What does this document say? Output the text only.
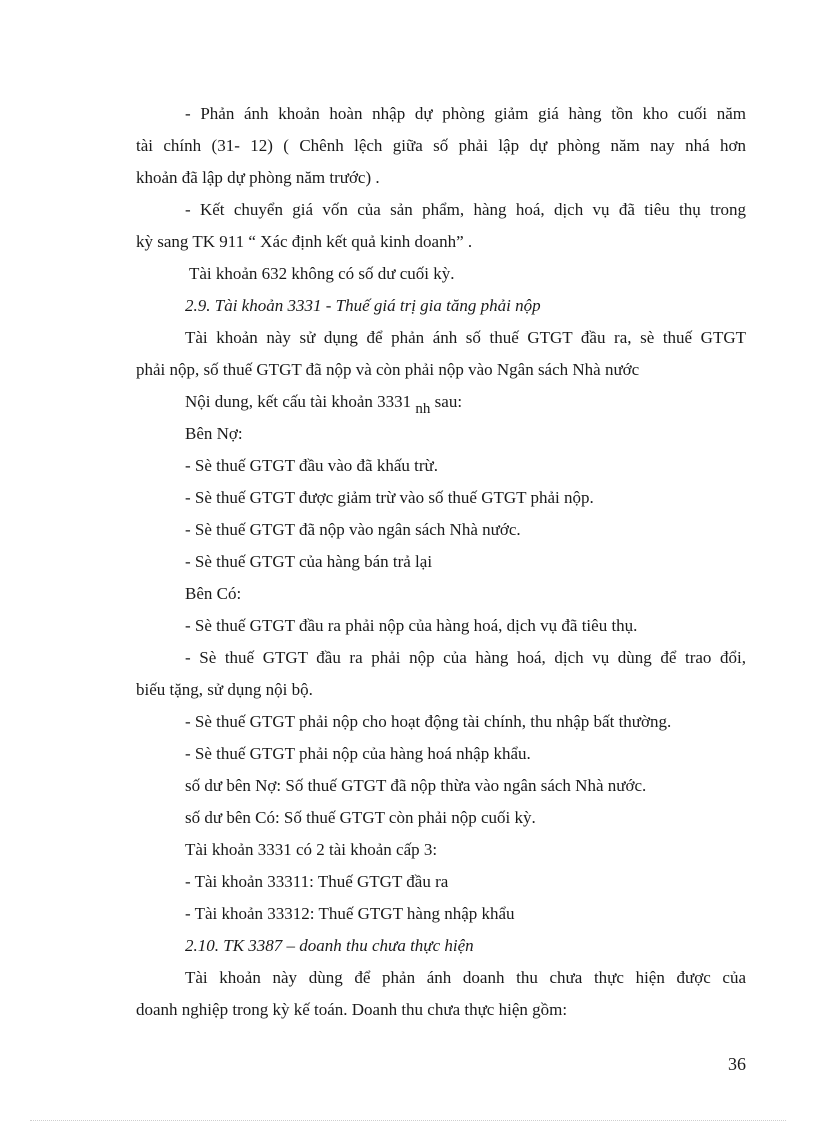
- Phản ánh khoản hoàn nhập dự phòng giảm giá hàng tồn kho cuối năm
tài chính (31- 12) ( Chênh lệch giữa số phải lập dự phòng năm nay nhá hơn
khoản đã lập dự phòng năm trước) .
- Kết chuyển giá vốn của sản phẩm, hàng hoá, dịch vụ đã tiêu thụ trong
kỳ sang TK 911 “ Xác định kết quả kinh doanh” .
Tài khoản 632 không có số dư cuối kỳ.
2.9. Tài khoản 3331 - Thuế giá trị gia tăng phải nộp
Tài khoản này sử dụng để phản ánh số thuế GTGT đầu ra, sè thuế GTGT
phải nộp, số thuế GTGT đã nộp và còn phải nộp vào Ngân sách Nhà nước
Nội dung, kết cấu tài khoản 3331 nh sau:
Bên Nợ:
- Sè thuế GTGT đầu vào đã khấu trừ.
- Sè thuế GTGT được giảm trừ vào số thuế GTGT phải nộp.
- Sè thuế GTGT đã nộp vào ngân sách Nhà nước.
- Sè thuế GTGT của hàng bán trả lại
Bên Có:
- Sè thuế GTGT đầu ra phải nộp của hàng hoá, dịch vụ đã tiêu thụ.
- Sè thuế GTGT đầu ra phải nộp của hàng hoá, dịch vụ dùng để trao đổi,
biếu tặng, sử dụng nội bộ.
- Sè thuế GTGT phải nộp cho hoạt động tài chính, thu nhập bất thường.
- Sè thuế GTGT phải nộp của hàng hoá nhập khẩu.
số dư bên Nợ: Số thuế GTGT đã nộp thừa vào ngân sách Nhà nước.
số dư bên Có: Số thuế GTGT còn phải nộp cuối kỳ.
Tài khoản 3331 có 2 tài khoản cấp 3:
- Tài khoản 33311: Thuế GTGT đầu ra
- Tài khoản 33312: Thuế GTGT hàng nhập khẩu
2.10. TK 3387 – doanh thu chưa thực hiện
Tài khoản này dùng để phản ánh doanh thu chưa thực hiện được của
doanh nghiệp trong kỳ kế toán. Doanh thu chưa thực hiện gồm:
36
